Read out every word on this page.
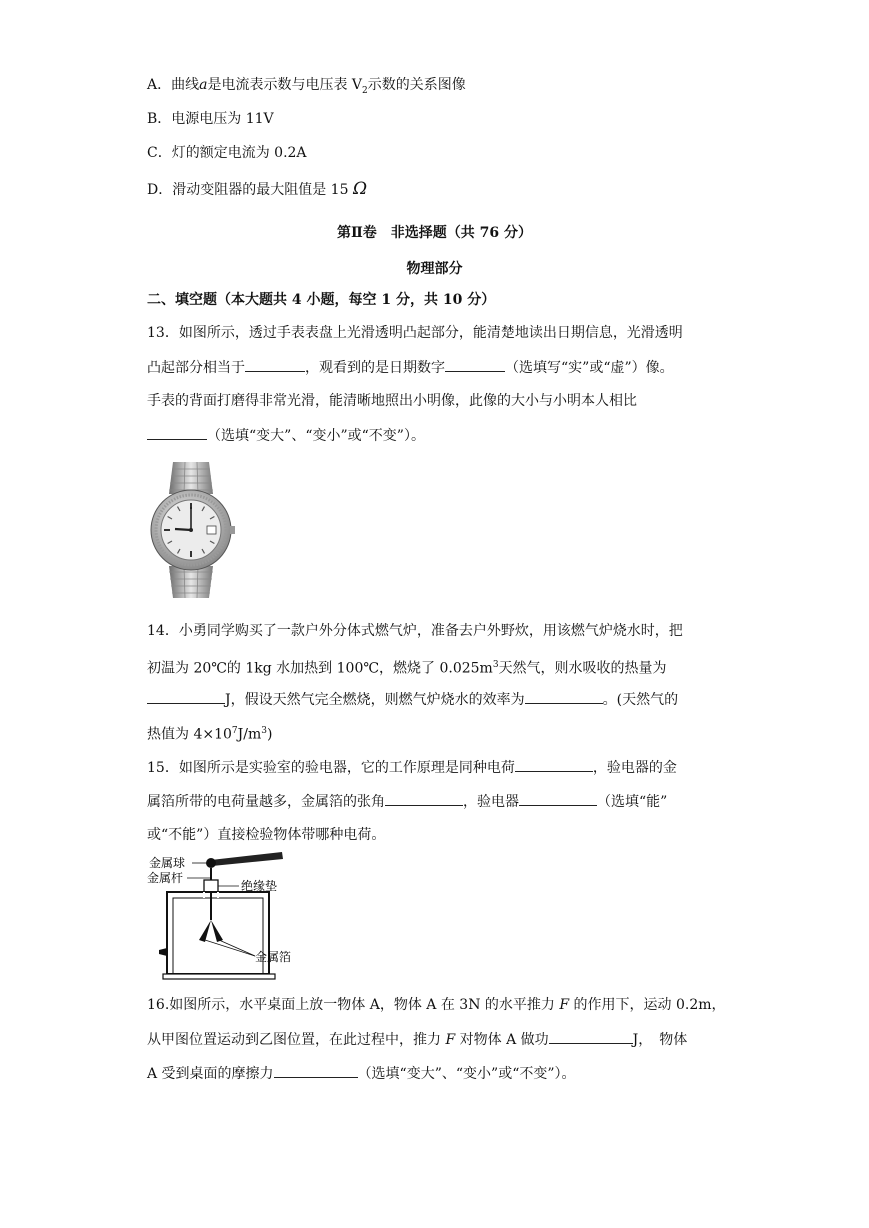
A．曲线a是电流表示数与电压表 $V_2$示数的关系图像
B．电源电压为 11V
C．灯的额定电流为 0.2A
D．滑动变阻器的最大阻值是 15 Ω
第Ⅱ卷　非选择题（共 76 分）
物理部分
二、填空题（本大题共 4 小题，每空 1 分，共 10 分）
13．如图所示，透过手表表盘上光滑透明凸起部分，能清楚地读出日期信息，光滑透明
凸起部分相当于	，观看到的是日期数字	（选填写“实”或“虚”）像。
手表的背面打磨得非常光滑，能清晰地照出小明像，此像的大小与小明本人相比
（选填“变大”、“变小”或“不变”）。
14．小勇同学购买了一款户外分体式燃气炉，准备去户外野炊，用该燃气炉烧水时，把
初温为 20℃的 1kg 水加热到 100℃，燃烧了 $0.025m^3$天然气，则水吸收的热量为
J，假设天然气完全燃烧，则燃气炉烧水的效率为	。(天然气的
热值为 $4\times 10^7J/m^3$)
15．如图所示是实验室的验电器，它的工作原理是同种电荷	，验电器的金
属箔所带的电荷量越多，金属箔的张角	，验电器	（选填“能”
或“不能”）直接检验物体带哪种电荷。
金属球
金属杆
绝缘垫
金属箔
16.如图所示，水平桌面上放一物体 A，物体 A 在 3N 的水平推力 F 的作用下，运动 0.2m，
从甲图位置运动到乙图位置，在此过程中，推力 F 对物体 A 做功	J，　物体
A 受到桌面的摩擦力	（选填“变大”、“变小”或“不变”）。
